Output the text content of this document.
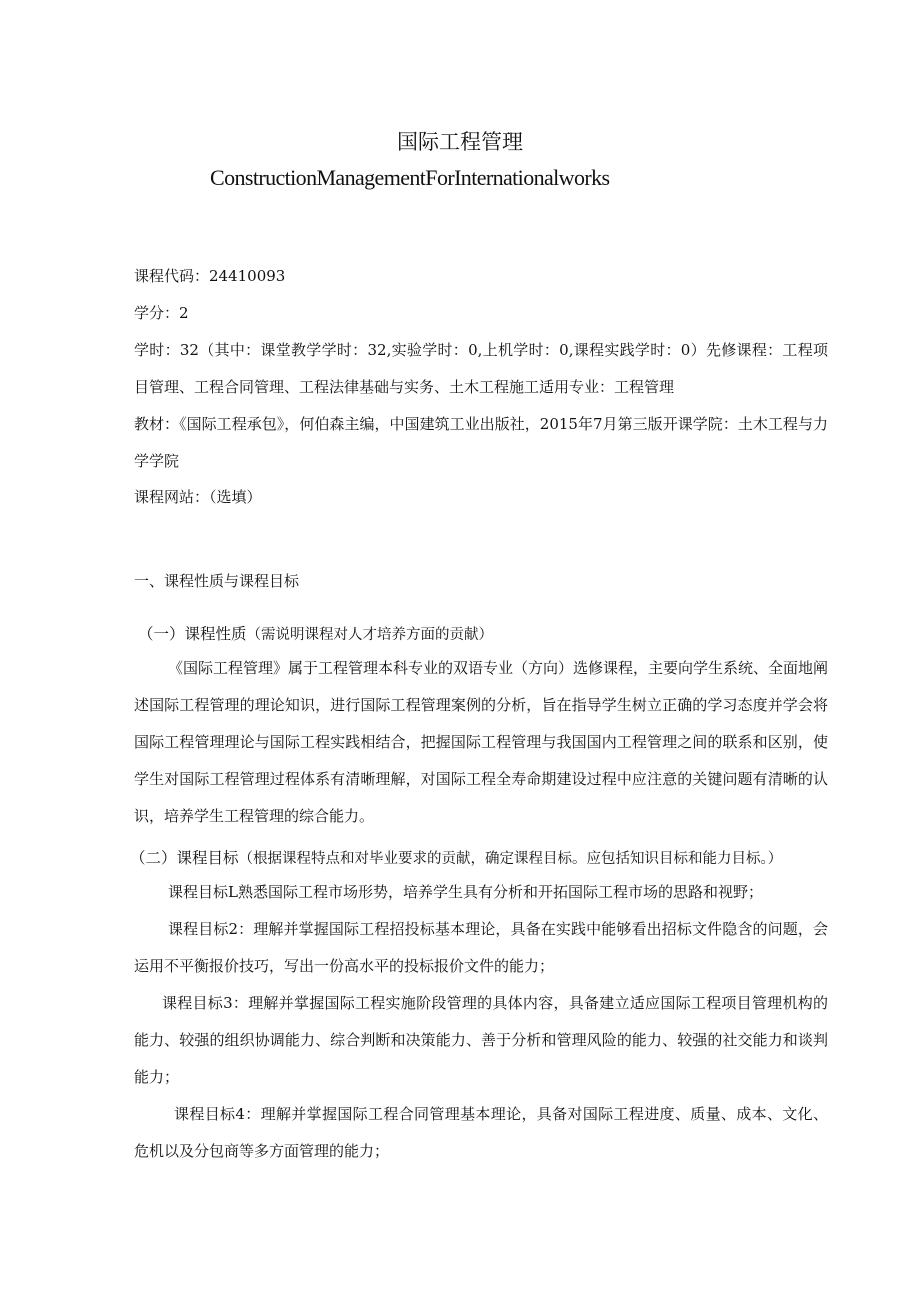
国际工程管理
ConstructionManagementForInternationalworks
课程代码：24410093
学分：2
学时：32（其中：课堂教学学时：32,实验学时：0,上机学时：0,课程实践学时：0）先修课程：工程项目管理、工程合同管理、工程法律基础与实务、土木工程施工适用专业：工程管理
教材：《国际工程承包》，何伯森主编，中国建筑工业出版社，2015年7月第三版开课学院：土木工程与力学学院
课程网站：（选填）
一、课程性质与课程目标
（一）课程性质（需说明课程对人才培养方面的贡献）
《国际工程管理》属于工程管理本科专业的双语专业（方向）选修课程，主要向学生系统、全面地阐述国际工程管理的理论知识，进行国际工程管理案例的分析，旨在指导学生树立正确的学习态度并学会将国际工程管理理论与国际工程实践相结合，把握国际工程管理与我国国内工程管理之间的联系和区别，使学生对国际工程管理过程体系有清晰理解，对国际工程全寿命期建设过程中应注意的关键问题有清晰的认识，培养学生工程管理的综合能力。
（二）课程目标（根据课程特点和对毕业要求的贡献，确定课程目标。应包括知识目标和能力目标。）
课程目标L熟悉国际工程市场形势，培养学生具有分析和开拓国际工程市场的思路和视野；
课程目标2：理解并掌握国际工程招投标基本理论，具备在实践中能够看出招标文件隐含的问题，会运用不平衡报价技巧，写出一份高水平的投标报价文件的能力；
课程目标3：理解并掌握国际工程实施阶段管理的具体内容，具备建立适应国际工程项目管理机构的能力、较强的组织协调能力、综合判断和决策能力、善于分析和管理风险的能力、较强的社交能力和谈判能力；
课程目标4：理解并掌握国际工程合同管理基本理论，具备对国际工程进度、质量、成本、文化、危机以及分包商等多方面管理的能力；
